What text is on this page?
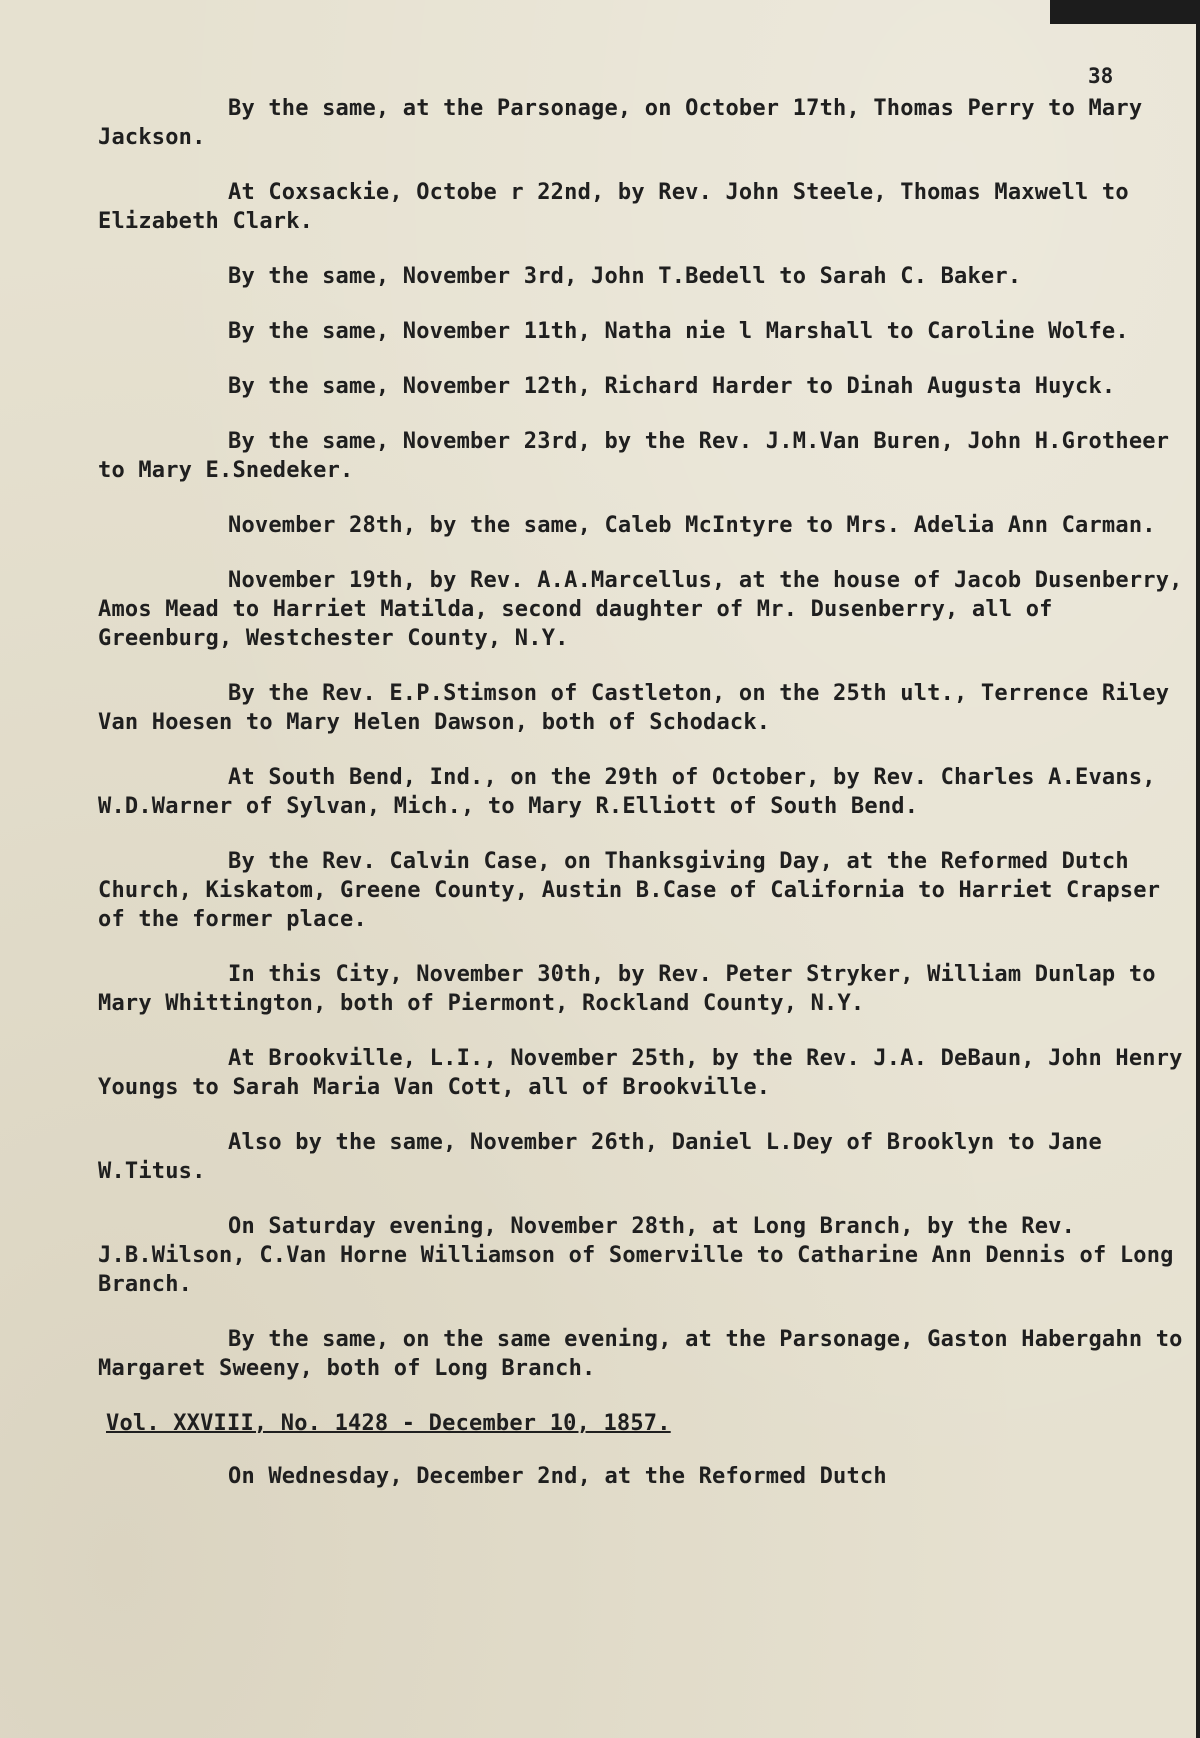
38

By the same, at the Parsonage, on October 17th, Thomas Perry to Mary Jackson.

At Coxsackie, Octobe r 22nd, by Rev. John Steele, Thomas Maxwell to Elizabeth Clark.

By the same, November 3rd, John T.Bedell to Sarah C. Baker.

By the same, November 11th, Natha nie l Marshall to Caroline Wolfe.

By the same, November 12th, Richard Harder to Dinah Augusta Huyck.

By the same, November 23rd, by the Rev. J.M.Van Buren, John H.Grotheer to Mary E.Snedeker.

November 28th, by the same, Caleb McIntyre to Mrs. Adelia Ann Carman.

November 19th, by Rev. A.A.Marcellus, at the house of Jacob Dusenberry, Amos Mead to Harriet Matilda, second daughter of Mr. Dusenberry, all of Greenburg, Westchester County, N.Y.

By the Rev. E.P.Stimson of Castleton, on the 25th ult., Terrence Riley Van Hoesen to Mary Helen Dawson, both of Schodack.

At South Bend, Ind., on the 29th of October, by Rev. Charles A.Evans, W.D.Warner of Sylvan, Mich., to Mary R.Elliott of South Bend.

By the Rev. Calvin Case, on Thanksgiving Day, at the Reformed Dutch Church, Kiskatom, Greene County, Austin B.Case of California to Harriet Crapser of the former place.

In this City, November 30th, by Rev. Peter Stryker, William Dunlap to Mary Whittington, both of Piermont, Rockland County, N.Y.

At Brookville, L.I., November 25th, by the Rev. J.A. DeBaun, John Henry Youngs to Sarah Maria Van Cott, all of Brookville.

Also by the same, November 26th, Daniel L.Dey of Brooklyn to Jane W.Titus.

On Saturday evening, November 28th, at Long Branch, by the Rev. J.B.Wilson, C.Van Horne Williamson of Somerville to Catharine Ann Dennis of Long Branch.

By the same, on the same evening, at the Parsonage, Gaston Habergahn to Margaret Sweeny, both of Long Branch.

Vol. XXVIII, No. 1428 - December 10, 1857.

On Wednesday, December 2nd, at the Reformed Dutch
